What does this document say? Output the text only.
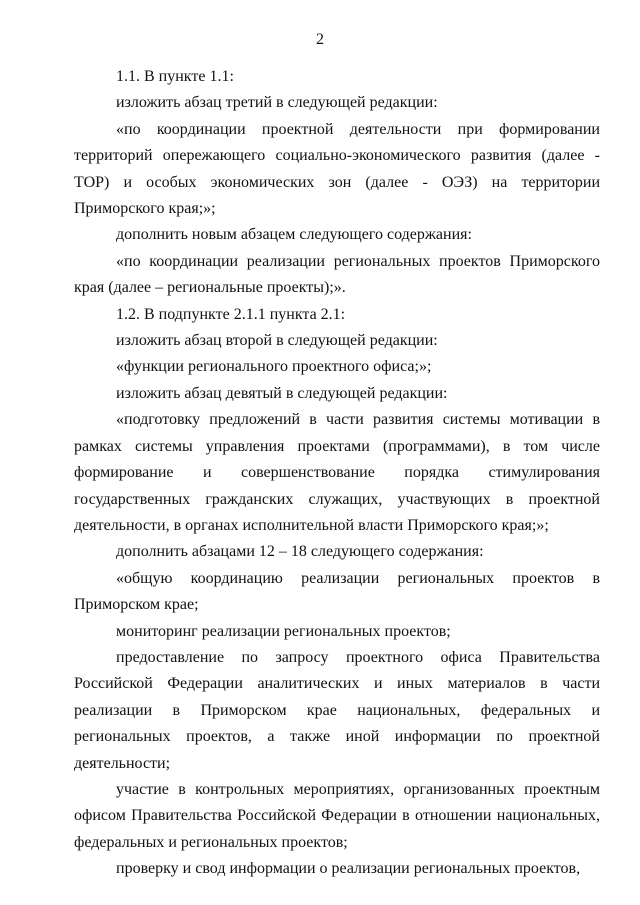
2

1.1. В пункте 1.1:

изложить абзац третий в следующей редакции:

«по координации проектной деятельности при формировании территорий опережающего социально-экономического развития (далее - ТОР) и особых экономических зон (далее - ОЭЗ) на территории Приморского края;»;

дополнить новым абзацем следующего содержания:

«по координации реализации региональных проектов Приморского края (далее – региональные проекты);».

1.2. В подпункте 2.1.1 пункта 2.1:

изложить абзац второй в следующей редакции:

«функции регионального проектного офиса;»;

изложить абзац девятый в следующей редакции:

«подготовку предложений в части развития системы мотивации в рамках системы управления проектами (программами), в том числе формирование и совершенствование порядка стимулирования государственных гражданских служащих, участвующих в проектной деятельности, в органах исполнительной власти Приморского края;»;

дополнить абзацами 12 – 18 следующего содержания:

«общую координацию реализации региональных проектов в Приморском крае;

мониторинг реализации региональных проектов;

предоставление по запросу проектного офиса Правительства Российской Федерации аналитических и иных материалов в части реализации в Приморском крае национальных, федеральных и региональных проектов, а также иной информации по проектной деятельности;

участие в контрольных мероприятиях, организованных проектным офисом Правительства Российской Федерации в отношении национальных, федеральных и региональных проектов;

проверку и свод информации о реализации региональных проектов,
